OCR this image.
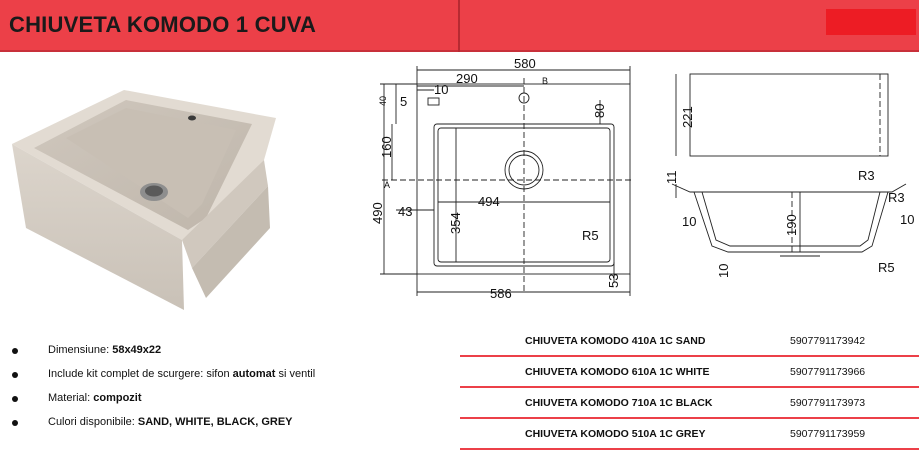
CHIUVETA KOMODO 1 CUVA
580
290
10
40 5
80
160
490 43
494
354
R5
586
53
A
B
221
11	R3
R3
10	10
190
10	R5
Dimensiune: 58x49x22
Include kit complet de scurgere: sifon automat si ventil
Material: compozit
Culori disponibile: SAND, WHITE, BLACK, GREY
CHIUVETA KOMODO 410A 1C SAND	5907791173942
CHIUVETA KOMODO 610A 1C WHITE	5907791173966
CHIUVETA KOMODO 710A 1C BLACK	5907791173973
CHIUVETA KOMODO 510A 1C GREY	5907791173959
